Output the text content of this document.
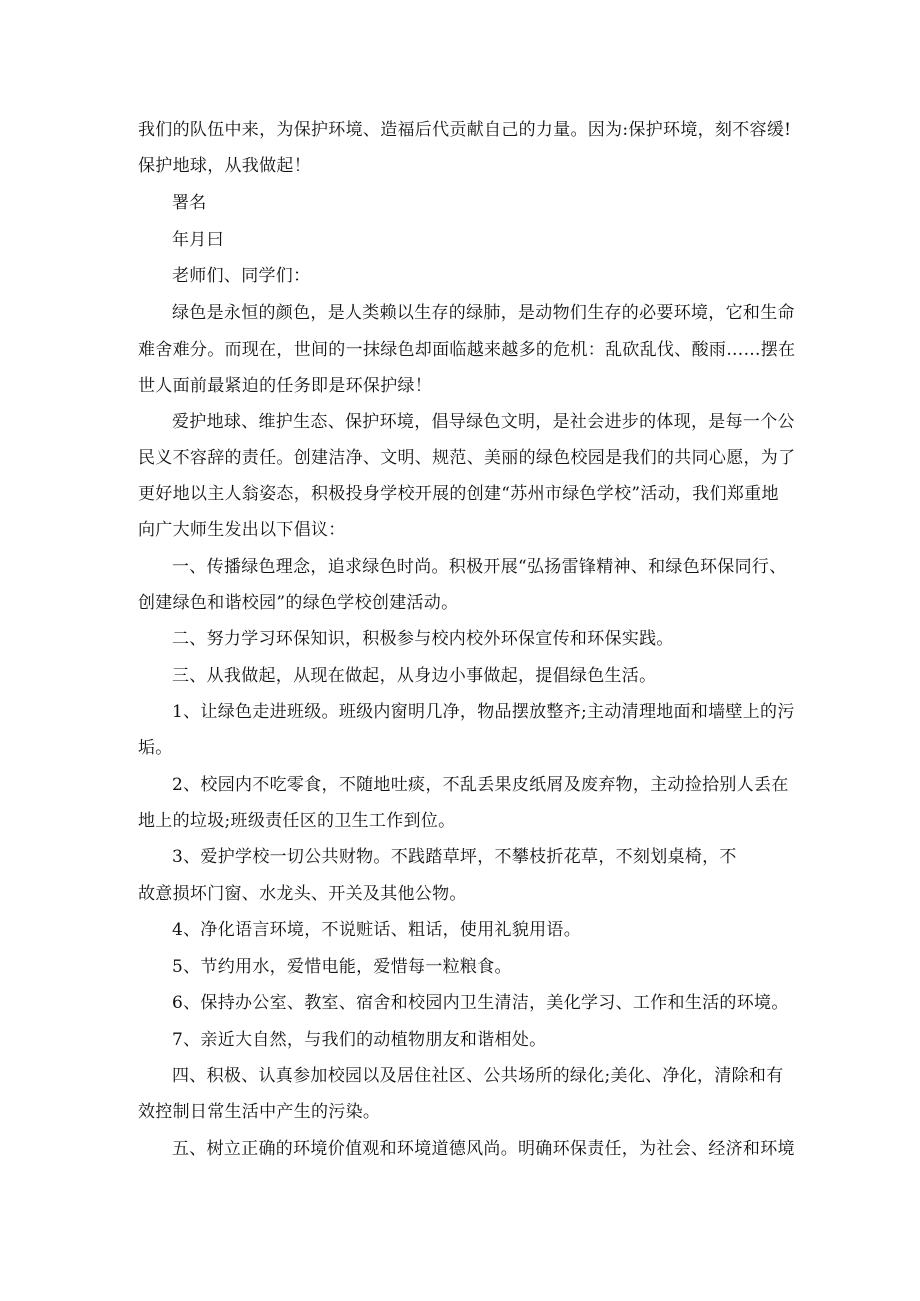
我们的队伍中来，为保护环境、造福后代贡献自己的力量。因为:保护环境，刻不容缓!
保护地球，从我做起！
署名
年月曰
老师们、同学们：
绿色是永恒的颜色，是人类赖以生存的绿肺，是动物们生存的必要环境，它和生命
难舍难分。而现在，世间的一抹绿色却面临越来越多的危机：乱砍乱伐、酸雨……摆在
世人面前最紧迫的任务即是环保护绿！
爱护地球、维护生态、保护环境，倡导绿色文明，是社会进步的体现，是每一个公
民义不容辞的责任。创建洁净、文明、规范、美丽的绿色校园是我们的共同心愿，为了
更好地以主人翁姿态，积极投身学校开展的创建“苏州市绿色学校”活动，我们郑重地
向广大师生发出以下倡议：
一、传播绿色理念，追求绿色时尚。积极开展“弘扬雷锋精神、和绿色环保同行、
创建绿色和谐校园”的绿色学校创建活动。
二、努力学习环保知识，积极参与校内校外环保宣传和环保实践。
三、从我做起，从现在做起，从身边小事做起，提倡绿色生活。
1、让绿色走进班级。班级内窗明几净，物品摆放整齐;主动清理地面和墙壁上的污
垢。
2、校园内不吃零食，不随地吐痰，不乱丢果皮纸屑及废弃物，主动捡拾别人丢在
地上的垃圾;班级责任区的卫生工作到位。
3、爱护学校一切公共财物。不践踏草坪，不攀枝折花草，不刻划桌椅，不
故意损坏门窗、水龙头、开关及其他公物。
4、净化语言环境，不说赃话、粗话，使用礼貌用语。
5、节约用水，爱惜电能，爱惜每一粒粮食。
6、保持办公室、教室、宿舍和校园内卫生清洁，美化学习、工作和生活的环境。
7、亲近大自然，与我们的动植物朋友和谐相处。
四、积极、认真参加校园以及居住社区、公共场所的绿化;美化、净化，清除和有
效控制日常生活中产生的污染。
五、树立正确的环境价值观和环境道德风尚。明确环保责任，为社会、经济和环境
